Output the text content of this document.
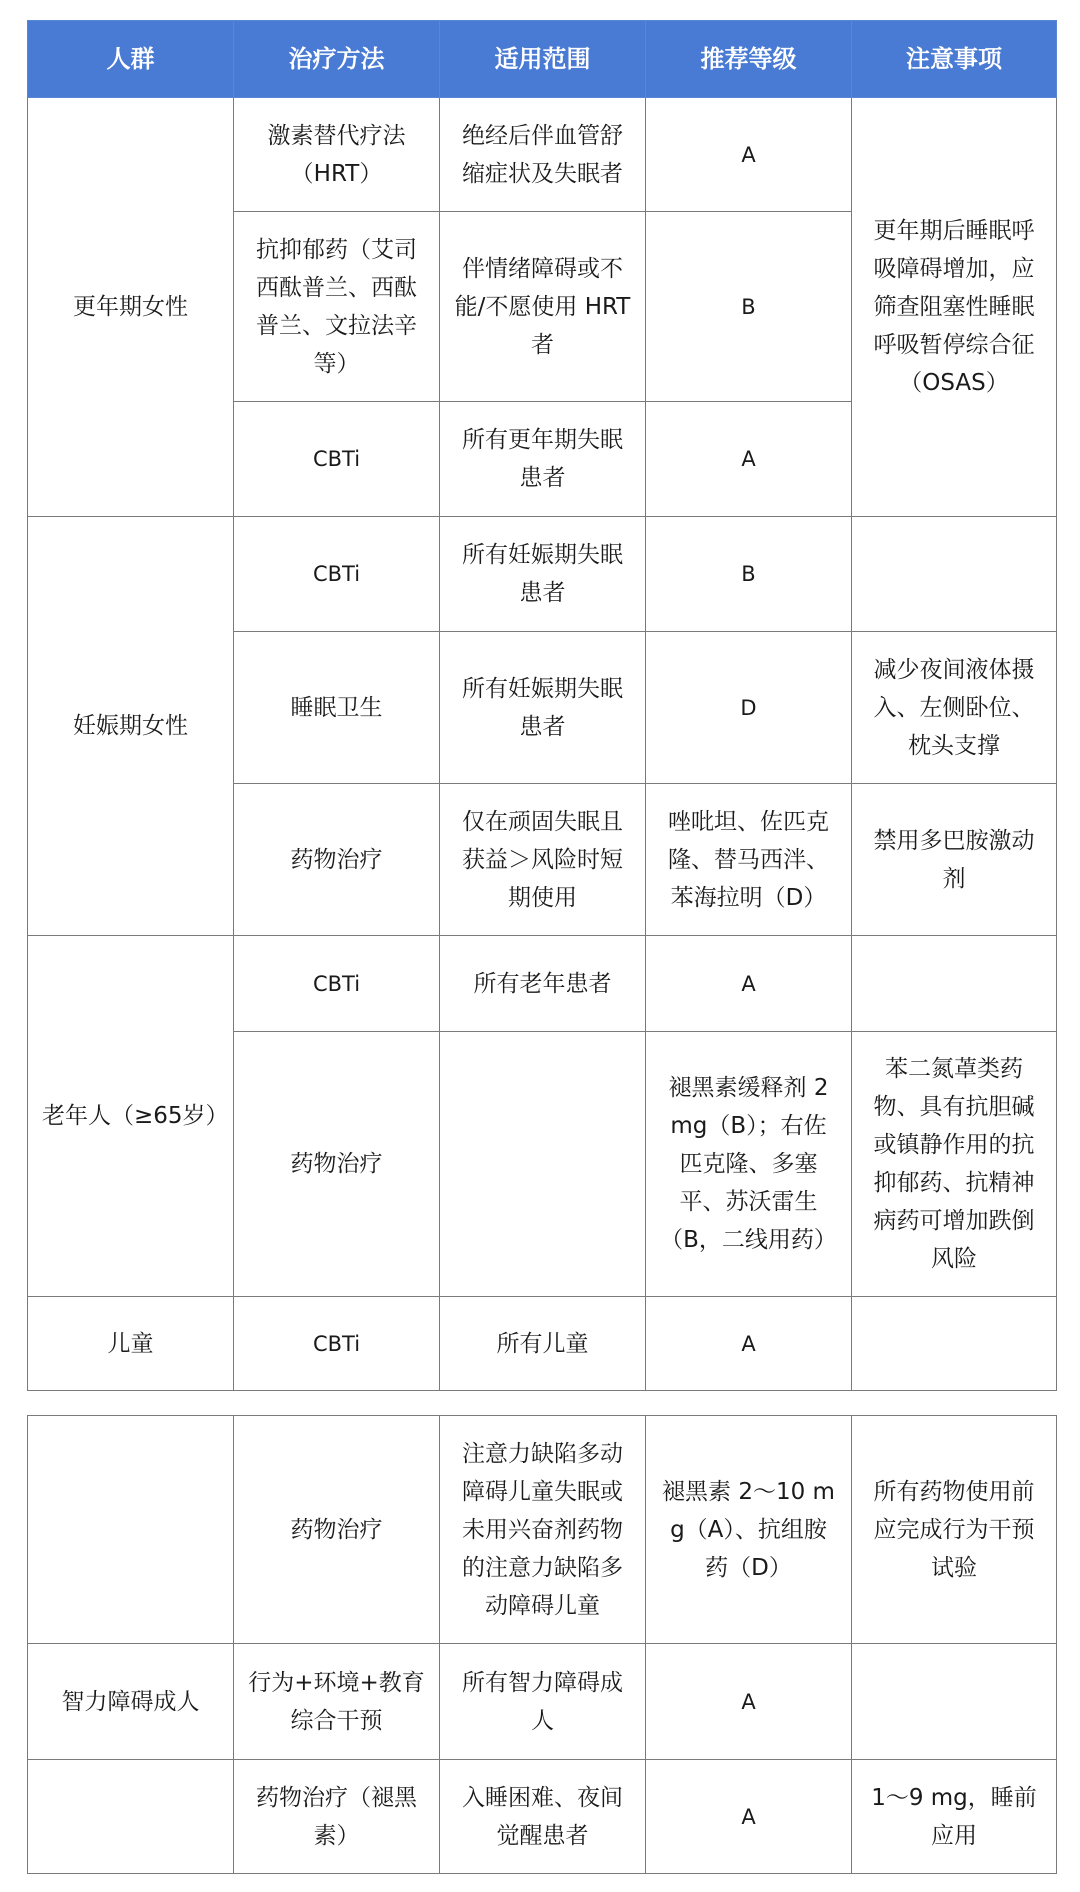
人群	治疗方法	适用范围	推荐等级	注意事项
更年期女性	激素替代疗法（HRT）	绝经后伴血管舒缩症状及失眠者	A	更年期后睡眠呼吸障碍增加，应筛查阻塞性睡眠呼吸暂停综合征（OSAS）
	抗抑郁药（艾司西酞普兰、西酞普兰、文拉法辛等）	伴情绪障碍或不能/不愿使用 HRT 者	B	
	CBTi	所有更年期失眠患者	A	
妊娠期女性	CBTi	所有妊娠期失眠患者	B	
	睡眠卫生	所有妊娠期失眠患者	D	减少夜间液体摄入、左侧卧位、枕头支撑
	药物治疗	仅在顽固失眠且获益＞风险时短期使用	唑吡坦、佐匹克隆、替马西泮、苯海拉明（D）	禁用多巴胺激动剂
老年人（≥65岁）	CBTi	所有老年患者	A	
	药物治疗		褪黑素缓释剂 2 mg（B）；右佐匹克隆、多塞平、苏沃雷生（B，二线用药）	苯二氮䓬类药物、具有抗胆碱或镇静作用的抗抑郁药、抗精神病药可增加跌倒风险
儿童	CBTi	所有儿童	A	
	药物治疗	注意力缺陷多动障碍儿童失眠或未用兴奋剂药物的注意力缺陷多动障碍儿童	褪黑素 2～10 mg（A）、抗组胺药（D）	所有药物使用前应完成行为干预试验
智力障碍成人	行为+环境+教育综合干预	所有智力障碍成人	A	
	药物治疗（褪黑素）	入睡困难、夜间觉醒患者	A	1～9 mg，睡前应用
